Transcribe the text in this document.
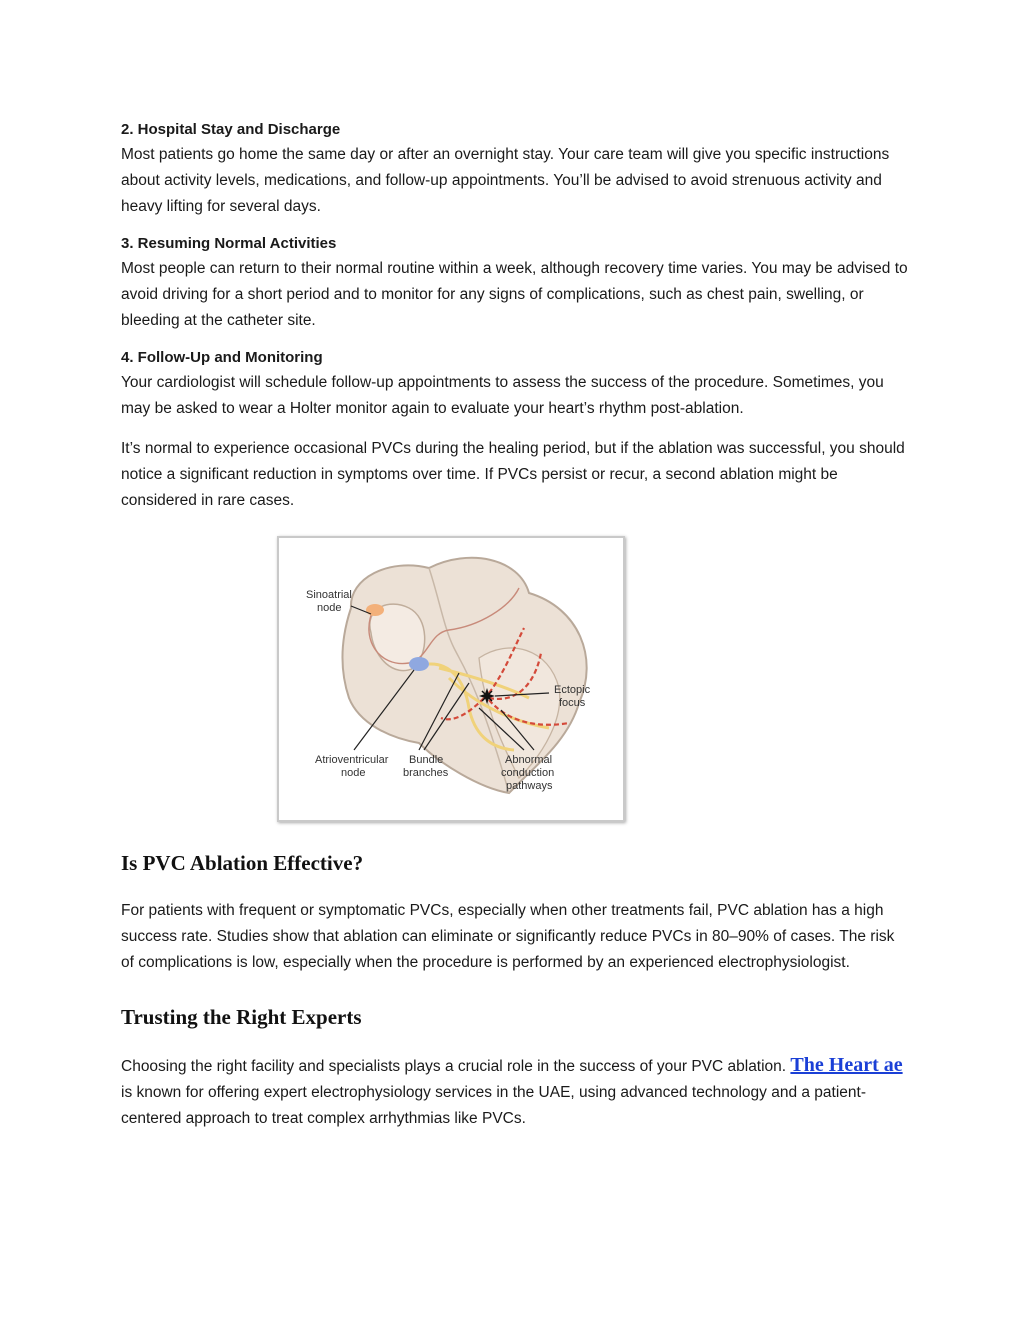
2. Hospital Stay and Discharge

Most patients go home the same day or after an overnight stay. Your care team will give you specific instructions about activity levels, medications, and follow-up appointments. You’ll be advised to avoid strenuous activity and heavy lifting for several days.

3. Resuming Normal Activities

Most people can return to their normal routine within a week, although recovery time varies. You may be advised to avoid driving for a short period and to monitor for any signs of complications, such as chest pain, swelling, or bleeding at the catheter site.

4. Follow-Up and Monitoring

Your cardiologist will schedule follow-up appointments to assess the success of the procedure. Sometimes, you may be asked to wear a Holter monitor again to evaluate your heart’s rhythm post-ablation.

It’s normal to experience occasional PVCs during the healing period, but if the ablation was successful, you should notice a significant reduction in symptoms over time. If PVCs persist or recur, a second ablation might be considered in rare cases.

Sinoatrial
node
Ectopic
focus
Atrioventricular
node
Bundle
branches
Abnormal
conduction
pathways
Is PVC Ablation Effective?

For patients with frequent or symptomatic PVCs, especially when other treatments fail, PVC ablation has a high success rate. Studies show that ablation can eliminate or significantly reduce PVCs in 80–90% of cases. The risk of complications is low, especially when the procedure is performed by an experienced electrophysiologist.

Trusting the Right Experts

Choosing the right facility and specialists plays a crucial role in the success of your PVC ablation. The Heart ae is known for offering expert electrophysiology services in the UAE, using advanced technology and a patient-centered approach to treat complex arrhythmias like PVCs.
